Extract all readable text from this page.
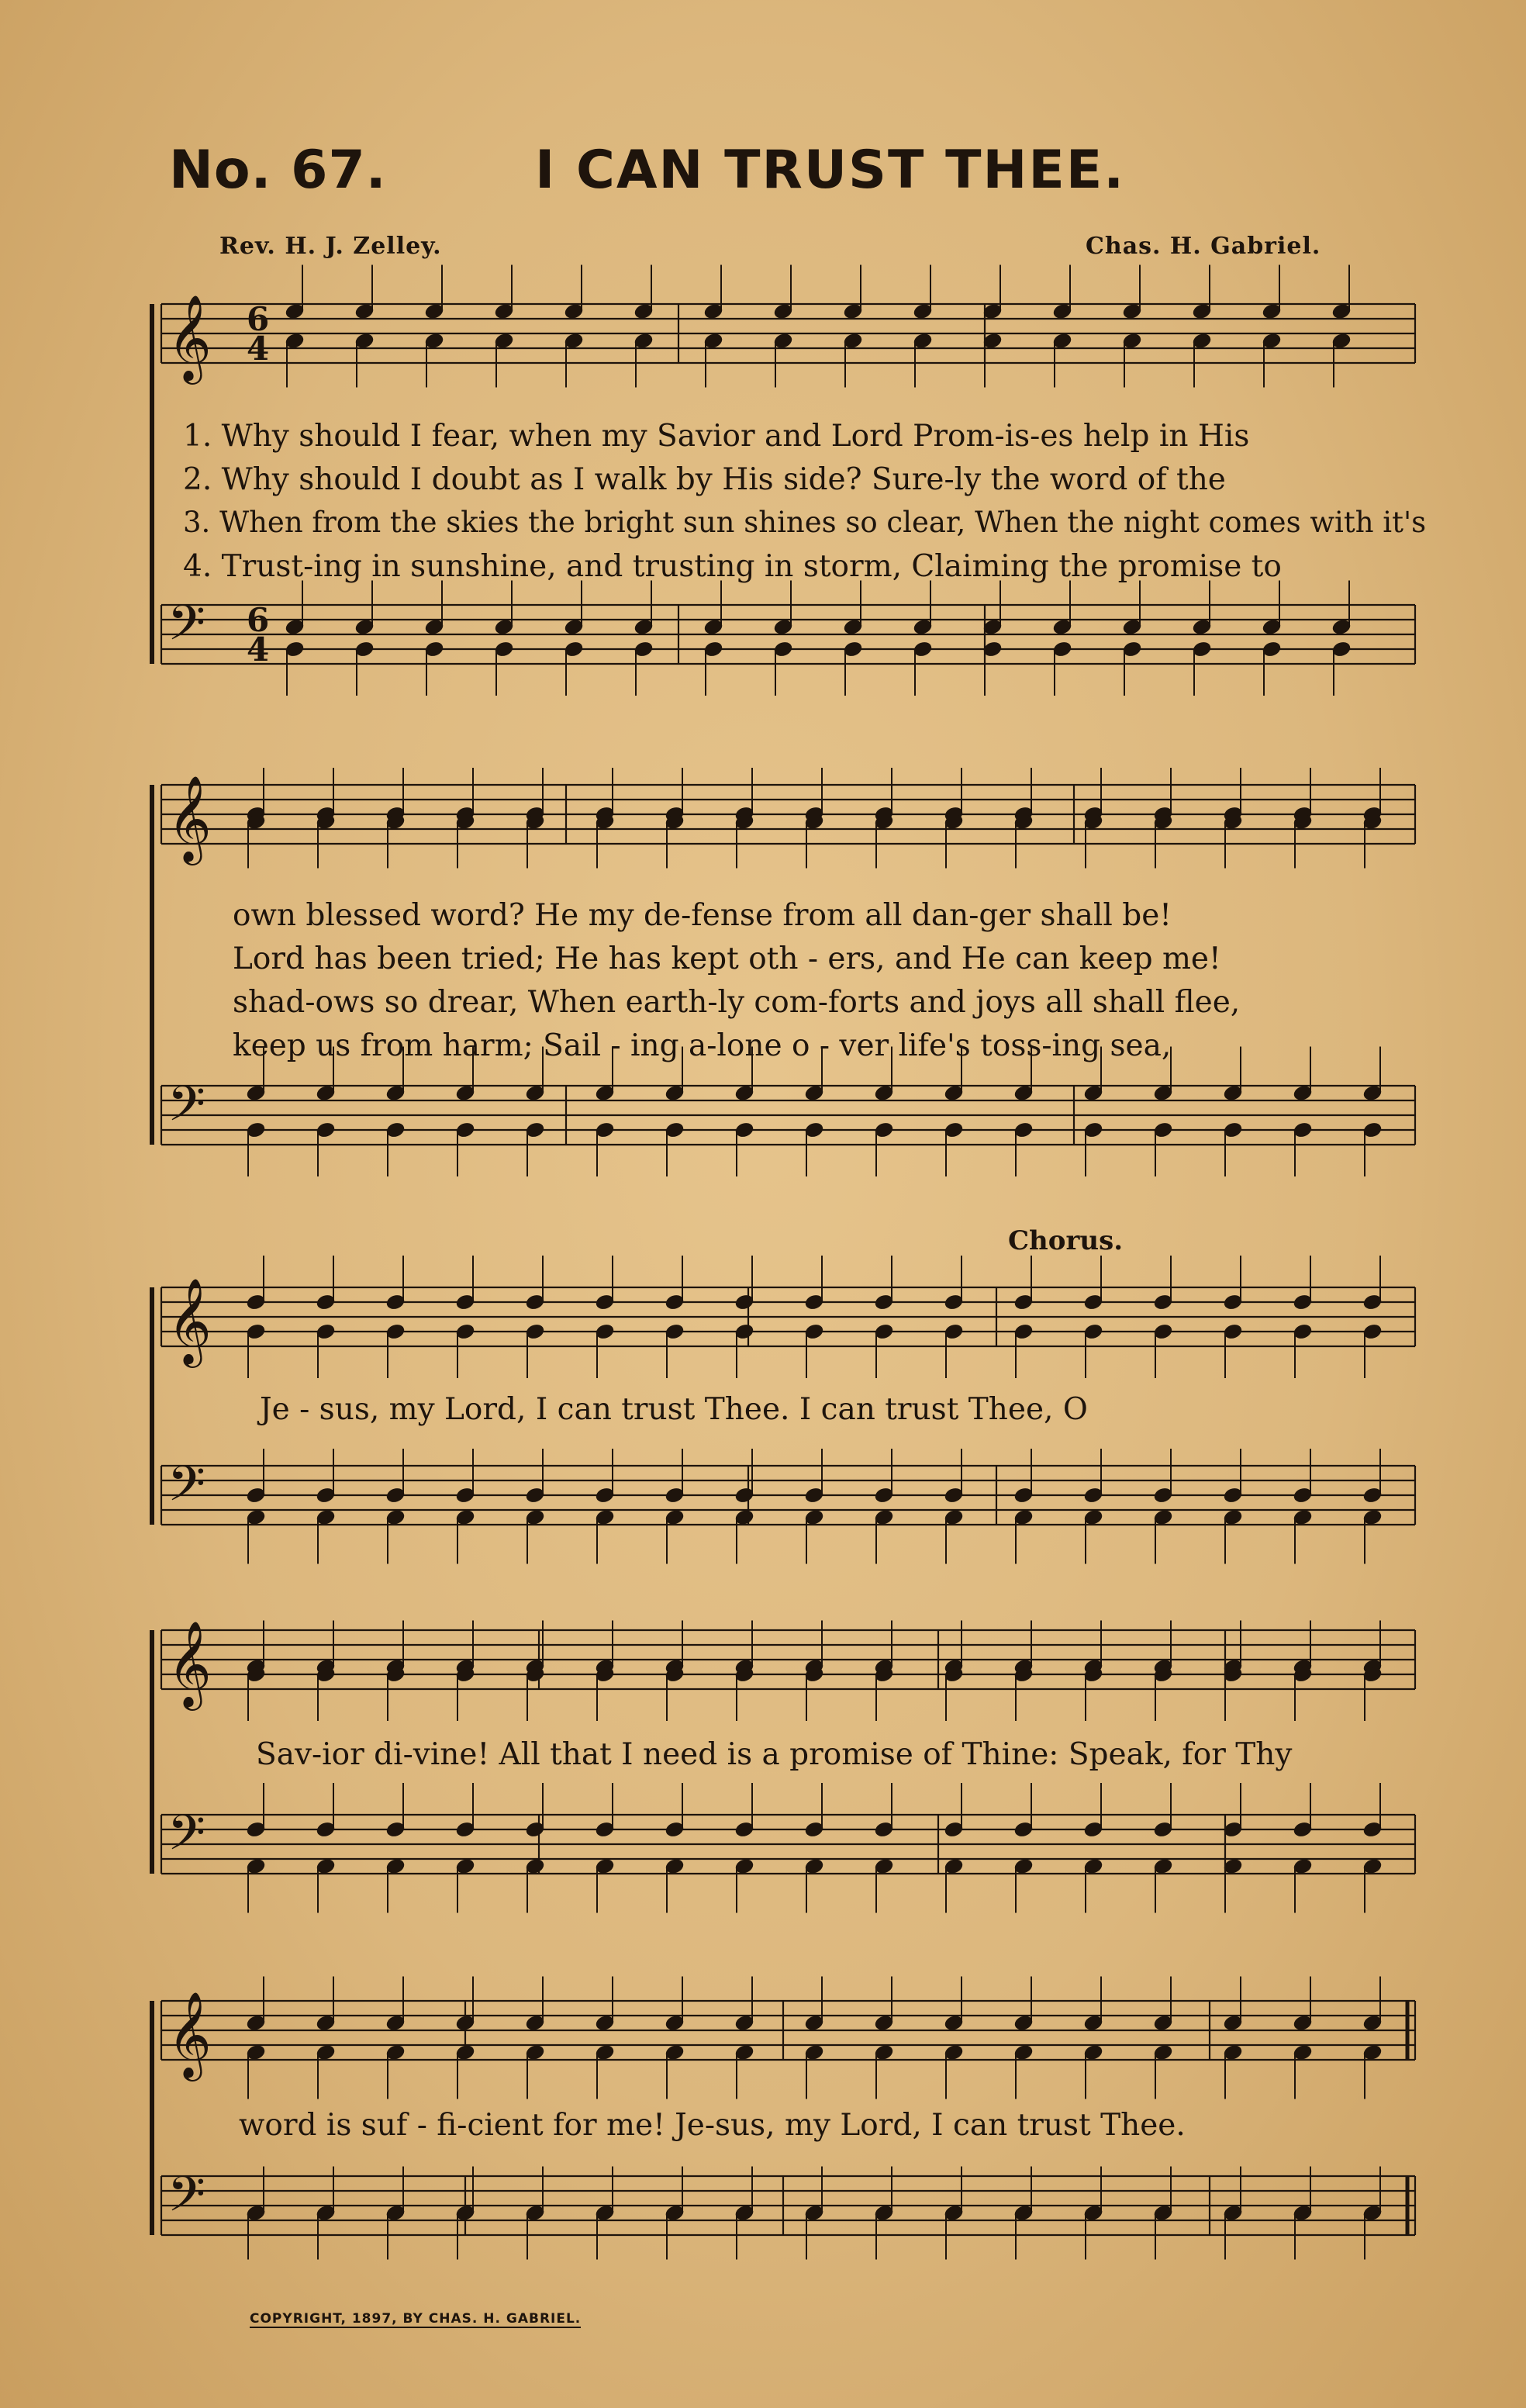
No. 67.	I CAN TRUST THEE.
Rev. H. J. Zelley.	Chas. H. Gabriel.
𝄞
𝄢
𝄞
𝄢
𝄞
𝄢
𝄞
𝄢
𝄞
𝄢
6
4
6
4
1. Why should I fear, when my Savior and Lord Prom-is-es help in His
2. Why should I doubt as I walk by His side? Sure-ly the word of the
3. When from the skies the bright sun shines so clear, When the night comes with it's
4. Trust-ing in sunshine, and trusting in storm, Claiming the promise to
own blessed word? He my de-fense from all dan-ger shall be!
Lord has been tried; He has kept oth - ers, and He can keep me!
shad-ows so drear, When earth-ly com-forts and joys all shall flee,
keep us from harm; Sail - ing a-lone o - ver life's toss-ing sea,
Chorus.
Je - sus, my Lord, I can trust Thee. I can trust Thee, O
Sav-ior di-vine! All that I need is a promise of Thine: Speak, for Thy
word is suf - fi-cient for me! Je-sus, my Lord, I can trust Thee.
COPYRIGHT, 1897, BY CHAS. H. GABRIEL.
